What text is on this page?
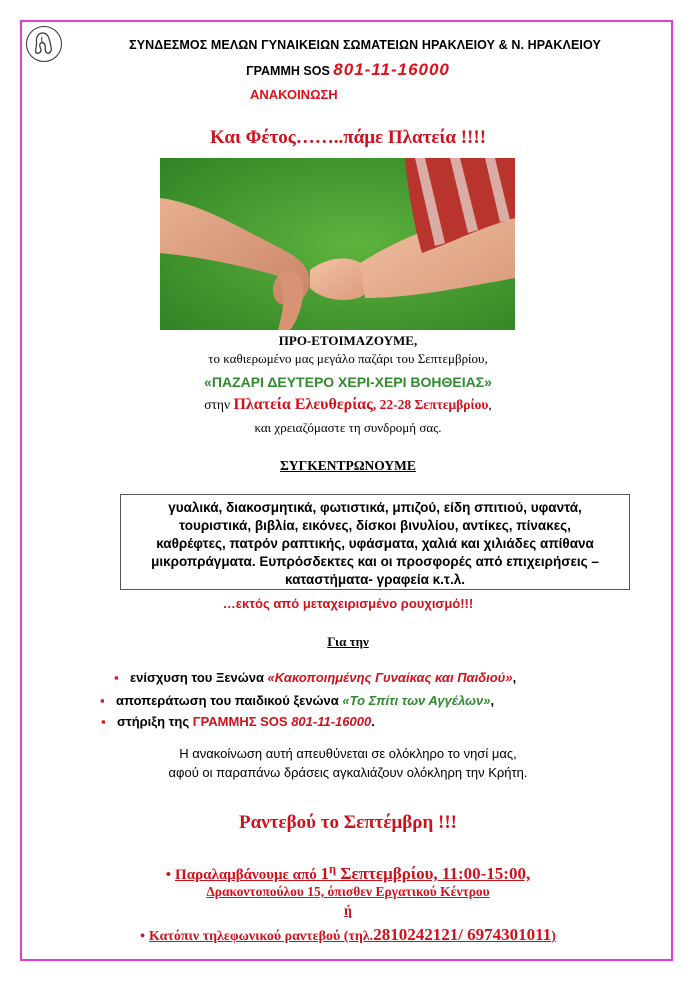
ΣΥΝΔΕΣΜΟΣ ΜΕΛΩΝ ΓΥΝΑΙΚΕΙΩΝ ΣΩΜΑΤΕΙΩΝ ΗΡΑΚΛΕΙΟΥ & Ν. ΗΡΑΚΛΕΙΟΥ
ΓΡΑΜΜΗ SOS 801-11-16000
ΑΝΑΚΟΙΝΩΣΗ
Και Φέτος……..πάμε Πλατεία !!!!
ΠΡΟ-ΕΤΟΙΜΑΖΟΥΜΕ,
το καθιερωμένο μας μεγάλο παζάρι του Σεπτεμβρίου,
«ΠΑΖΑΡΙ ΔΕΥΤΕΡΟ ΧΕΡΙ-ΧΕΡΙ ΒΟΗΘΕΙΑΣ»
στην Πλατεία Ελευθερίας, 22-28 Σεπτεμβρίου,
και χρειαζόμαστε τη συνδρομή σας.
ΣΥΓΚΕΝΤΡΩΝΟΥΜΕ
γυαλικά, διακοσμητικά, φωτιστικά, μπιζού, είδη σπιτιού, υφαντά,
τουριστικά, βιβλία, εικόνες, δίσκοι βινυλίου, αντίκες, πίνακες,
καθρέφτες, πατρόν ραπτικής, υφάσματα, χαλιά και χιλιάδες απίθανα
μικροπράγματα. Ευπρόσδεκτες και οι προσφορές από επιχειρήσεις –
καταστήματα- γραφεία κ.τ.λ.
…εκτός από μεταχειρισμένο ρουχισμό!!!
Για την
▪ ενίσχυση του Ξενώνα «Κακοποιημένης Γυναίκας και Παιδιού»,
▪ αποπεράτωση του παιδικού ξενώνα «Το Σπίτι των Αγγέλων»,
▪ στήριξη της ΓΡΑΜΜΗΣ SOS 801-11-16000.
Η ανακοίνωση αυτή απευθύνεται σε ολόκληρο το νησί μας,
αφού οι παραπάνω δράσεις αγκαλιάζουν ολόκληρη την Κρήτη.
Ραντεβού το Σεπτέμβρη !!!
• Παραλαμβάνουμε από $1^\eta$ Σεπτεμβρίου, 11:00-15:00,
Δρακοντοπούλου 15, όπισθεν Εργατικού Κέντρου
ή
• Κατόπιν τηλεφωνικού ραντεβού (τηλ.2810242121/ 6974301011)
